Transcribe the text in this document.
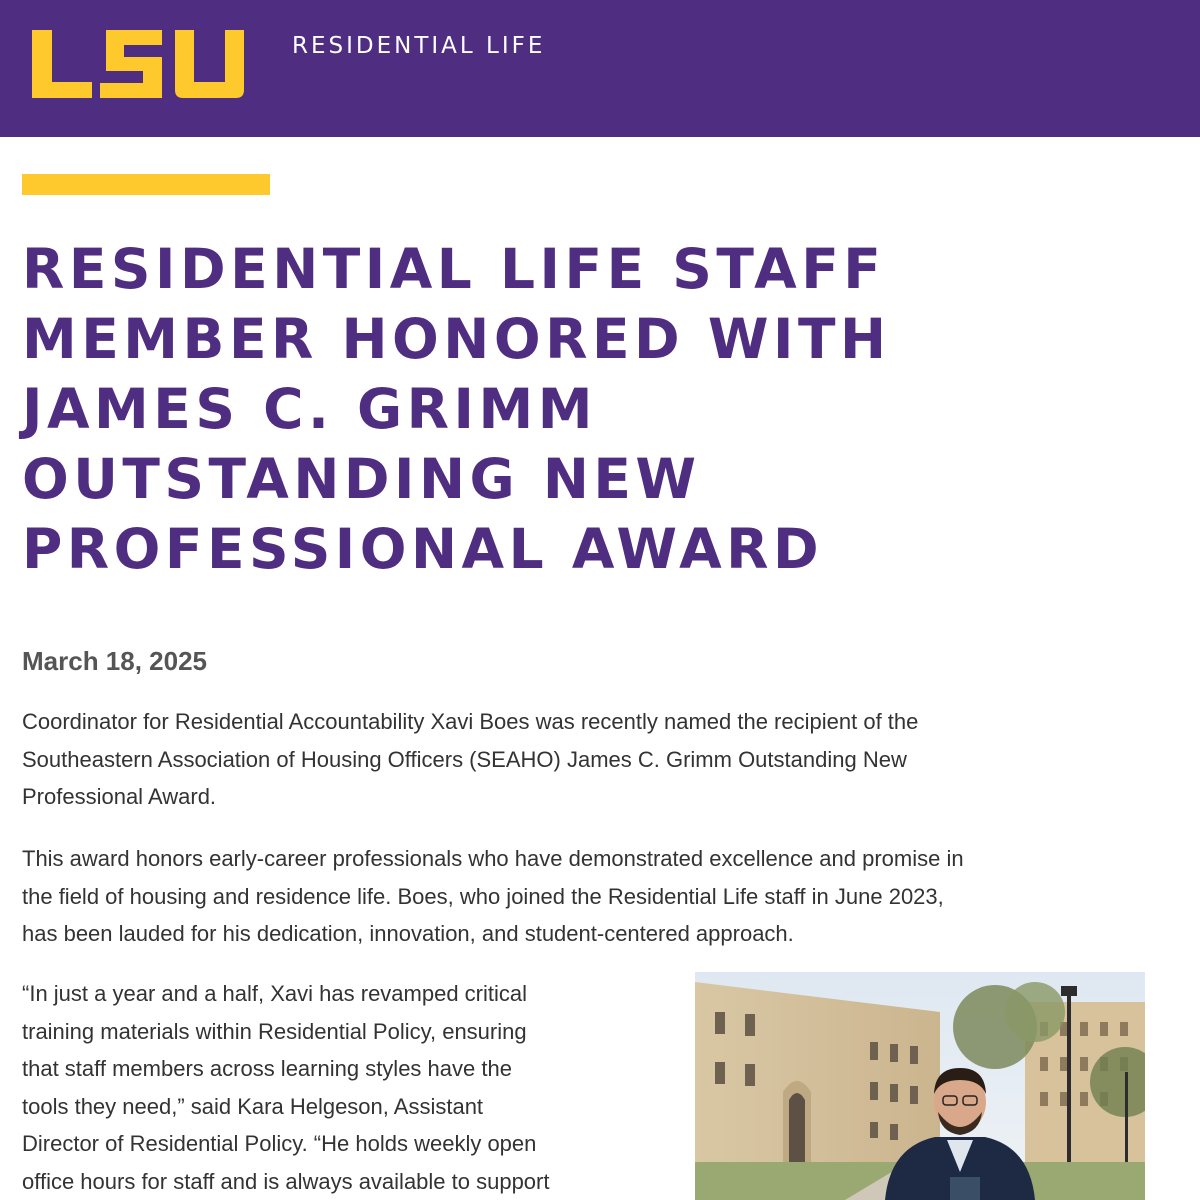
RESIDENTIAL LIFE
RESIDENTIAL LIFE STAFF
MEMBER HONORED WITH
JAMES C. GRIMM
OUTSTANDING NEW
PROFESSIONAL AWARD
March 18, 2025
Coordinator for Residential Accountability Xavi Boes was recently named the recipient of the
Southeastern Association of Housing Officers (SEAHO) James C. Grimm Outstanding New
Professional Award.
This award honors early-career professionals who have demonstrated excellence and promise in
the field of housing and residence life. Boes, who joined the Residential Life staff in June 2023,
has been lauded for his dedication, innovation, and student-centered approach.
“In just a year and a half, Xavi has revamped critical
training materials within Residential Policy, ensuring
that staff members across learning styles have the
tools they need,” said Kara Helgeson, Assistant
Director of Residential Policy. “He holds weekly open
office hours for staff and is always available to support
